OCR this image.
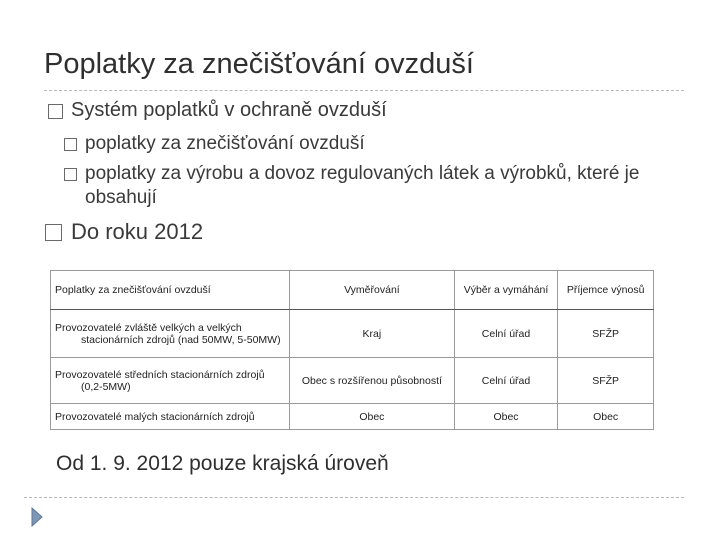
Poplatky za znečišťování ovzduší
Systém poplatků v ochraně ovzduší
poplatky za znečišťování ovzduší
poplatky za výrobu a dovoz regulovaných látek a výrobků, které je obsahují
Do roku 2012
Poplatky za znečišťování ovzduší	Vyměřování	Výběr a vymáhání	Příjemce výnosů

Provozovatelé zvláště velkých a velkých stacionárních zdrojů (nad 50MW, 5-50MW)	Kraj	Celní úřad	SFŽP

Provozovatelé středních stacionárních zdrojů (0,2-5MW)	Obec s rozšířenou působností	Celní úřad	SFŽP

Provozovatelé malých stacionárních zdrojů	Obec	Obec	Obec
Od 1. 9. 2012 pouze krajská úroveň
